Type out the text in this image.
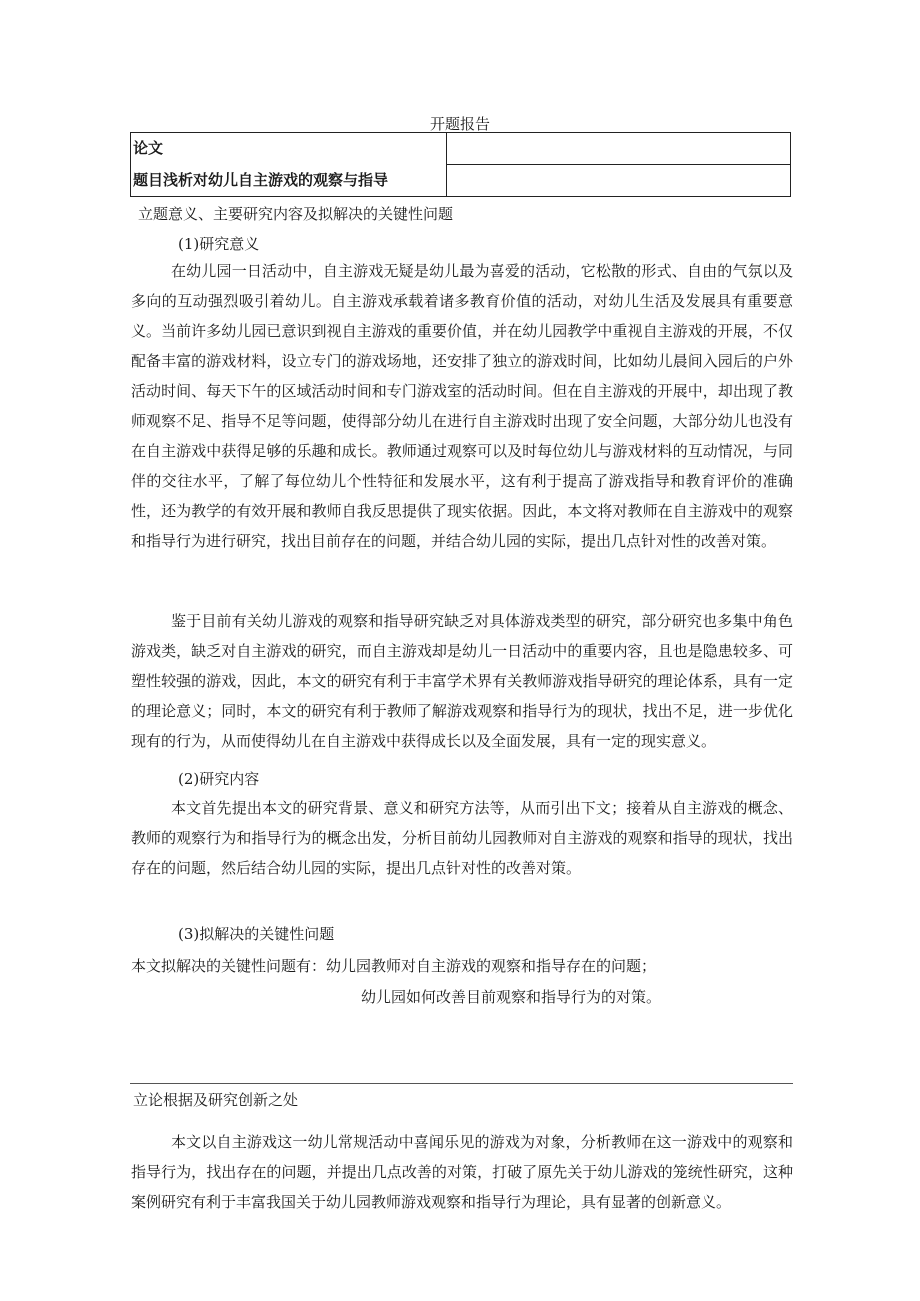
开题报告
论文
题目浅析对幼儿自主游戏的观察与指导
立题意义、主要研究内容及拟解决的关键性问题
(1)研究意义
在幼儿园一日活动中，自主游戏无疑是幼儿最为喜爱的活动，它松散的形式、自由的气氛以及多向的互动强烈吸引着幼儿。自主游戏承载着诸多教育价值的活动，对幼儿生活及发展具有重要意义。当前许多幼儿园已意识到视自主游戏的重要价值，并在幼儿园教学中重视自主游戏的开展，不仅配备丰富的游戏材料，设立专门的游戏场地，还安排了独立的游戏时间，比如幼儿晨间入园后的户外活动时间、每天下午的区域活动时间和专门游戏室的活动时间。但在自主游戏的开展中，却出现了教师观察不足、指导不足等问题，使得部分幼儿在进行自主游戏时出现了安全问题，大部分幼儿也没有在自主游戏中获得足够的乐趣和成长。教师通过观察可以及时每位幼儿与游戏材料的互动情况，与同伴的交往水平，了解了每位幼儿个性特征和发展水平，这有利于提高了游戏指导和教育评价的准确性，还为教学的有效开展和教师自我反思提供了现实依据。因此，本文将对教师在自主游戏中的观察和指导行为进行研究，找出目前存在的问题，并结合幼儿园的实际，提出几点针对性的改善对策。
鉴于目前有关幼儿游戏的观察和指导研究缺乏对具体游戏类型的研究，部分研究也多集中角色游戏类，缺乏对自主游戏的研究，而自主游戏却是幼儿一日活动中的重要内容，且也是隐患较多、可塑性较强的游戏，因此，本文的研究有利于丰富学术界有关教师游戏指导研究的理论体系，具有一定的理论意义；同时，本文的研究有利于教师了解游戏观察和指导行为的现状，找出不足，进一步优化现有的行为，从而使得幼儿在自主游戏中获得成长以及全面发展，具有一定的现实意义。
(2)研究内容
本文首先提出本文的研究背景、意义和研究方法等，从而引出下文；接着从自主游戏的概念、教师的观察行为和指导行为的概念出发，分析目前幼儿园教师对自主游戏的观察和指导的现状，找出存在的问题，然后结合幼儿园的实际，提出几点针对性的改善对策。
(3)拟解决的关键性问题
本文拟解决的关键性问题有：幼儿园教师对自主游戏的观察和指导存在的问题；
幼儿园如何改善目前观察和指导行为的对策。
立论根据及研究创新之处
本文以自主游戏这一幼儿常规活动中喜闻乐见的游戏为对象，分析教师在这一游戏中的观察和指导行为，找出存在的问题，并提出几点改善的对策，打破了原先关于幼儿游戏的笼统性研究，这种案例研究有利于丰富我国关于幼儿园教师游戏观察和指导行为理论，具有显著的创新意义。
